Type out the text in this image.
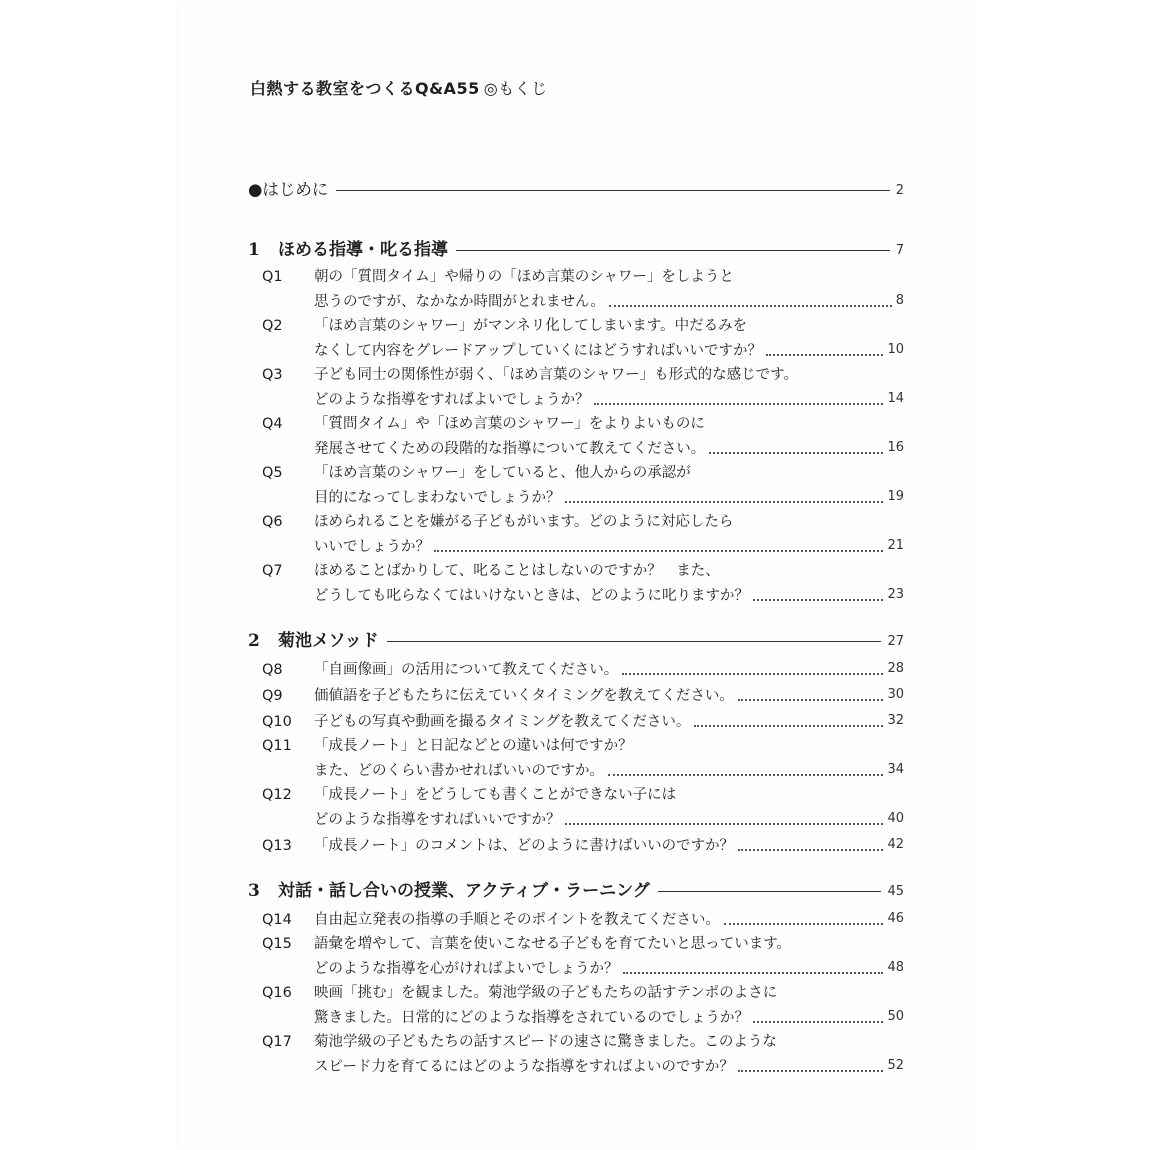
白熱する教室をつくるQ&A55 ◎もくじ
●はじめに	2
1	ほめる指導・叱る指導	7
Q1	朝の「質問タイム」や帰りの「ほめ言葉のシャワー」をしようと
思うのですが、なかなか時間がとれません。	8
Q2	「ほめ言葉のシャワー」がマンネリ化してしまいます。中だるみを
なくして内容をグレードアップしていくにはどうすればいいですか？	10
Q3	子ども同士の関係性が弱く、「ほめ言葉のシャワー」も形式的な感じです。
どのような指導をすればよいでしょうか？	14
Q4	「質問タイム」や「ほめ言葉のシャワー」をよりよいものに
発展させてくための段階的な指導について教えてください。	16
Q5	「ほめ言葉のシャワー」をしていると、他人からの承認が
目的になってしまわないでしょうか？	19
Q6	ほめられることを嫌がる子どもがいます。どのように対応したら
いいでしょうか？	21
Q7	ほめることばかりして、叱ることはしないのですか？　また、
どうしても叱らなくてはいけないときは、どのように叱りますか？	23
2	菊池メソッド	27
Q8	「自画像画」の活用について教えてください。	28
Q9	価値語を子どもたちに伝えていくタイミングを教えてください。	30
Q10	子どもの写真や動画を撮るタイミングを教えてください。	32
Q11	「成長ノート」と日記などとの違いは何ですか？
また、どのくらい書かせればいいのですか。	34
Q12	「成長ノート」をどうしても書くことができない子には
どのような指導をすればいいですか？	40
Q13	「成長ノート」のコメントは、どのように書けばいいのですか？	42
3	対話・話し合いの授業、アクティブ・ラーニング	45
Q14	自由起立発表の指導の手順とそのポイントを教えてください。	46
Q15	語彙を増やして、言葉を使いこなせる子どもを育てたいと思っています。
どのような指導を心がければよいでしょうか？	48
Q16	映画「挑む」を観ました。菊池学級の子どもたちの話すテンポのよさに
驚きました。日常的にどのような指導をされているのでしょうか？	50
Q17	菊池学級の子どもたちの話すスピードの速さに驚きました。このような
スピード力を育てるにはどのような指導をすればよいのですか？	52
